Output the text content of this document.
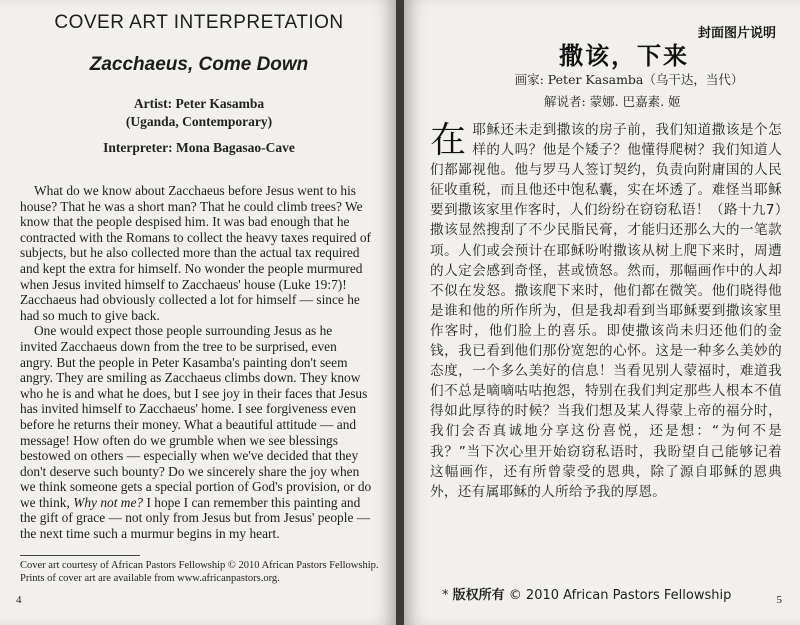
COVER ART INTERPRETATION
Zacchaeus, Come Down
Artist: Peter Kasamba
(Uganda, Contemporary)
Interpreter: Mona Bagasao-Cave

What do we know about Zacchaeus before Jesus went to his house? That he was a short man? That he could climb trees? We know that the people despised him. It was bad enough that he contracted with the Romans to collect the heavy taxes required of subjects, but he also collected more than the actual tax required and kept the extra for himself. No wonder the people murmured when Jesus invited himself to Zacchaeus' house (Luke 19:7)! Zacchaeus had obviously collected a lot for himself — since he had so much to give back.

One would expect those people surrounding Jesus as he invited Zacchaeus down from the tree to be surprised, even angry. But the people in Peter Kasamba's painting don't seem angry. They are smiling as Zacchaeus climbs down. They know who he is and what he does, but I see joy in their faces that Jesus has invited himself to Zacchaeus' home. I see forgiveness even before he returns their money. What a beautiful attitude — and message! How often do we grumble when we see blessings bestowed on others — especially when we've decided that they don't deserve such bounty? Do we sincerely share the joy when we think someone gets a special portion of God's provision, or do we think, Why not me? I hope I can remember this painting and the gift of grace — not only from Jesus but from Jesus' people — the next time such a murmur begins in my heart.

Cover art courtesy of African Pastors Fellowship © 2010 African Pastors Fellowship. Prints of cover art are available from www.africanpastors.org.
4
封面图片说明
撒该，下来
画家: Peter Kasamba（乌干达，当代）
解说者: 蒙娜. 巴嘉素. 姬
在耶稣还未走到撒该的房子前，我们知道撒该是个怎样的人吗？他是个矮子？他懂得爬树？我们知道人们都鄙视他。他与罗马人签订契约，负责向附庸国的人民征收重税，而且他还中饱私囊，实在坏透了。难怪当耶稣要到撒该家里作客时，人们纷纷在窃窃私语！（路十九7）撒该显然搜刮了不少民脂民膏，才能归还那么大的一笔款项。人们或会预计在耶稣吩咐撒该从树上爬下来时，周遭的人定会感到奇怪，甚或愤怒。然而，那幅画作中的人却不似在发怒。撒该爬下来时，他们都在微笑。他们晓得他是谁和他的所作所为，但是我却看到当耶稣要到撒该家里作客时，他们脸上的喜乐。即使撒该尚未归还他们的金钱，我已看到他们那份宽恕的心怀。这是一种多么美妙的态度，一个多么美好的信息！当看见别人蒙福时，难道我们不总是嘀嘀咕咕抱怨，特别在我们判定那些人根本不值得如此厚待的时候？当我们想及某人得蒙上帝的福分时，我们会否真诚地分享这份喜悦，还是想：“为何不是我？”当下次心里开始窃窃私语时，我盼望自己能够记着这幅画作，还有所曾蒙受的恩典，除了源自耶稣的恩典外，还有属耶稣的人所给予我的厚恩。
* 版权所有 © 2010 African Pastors Fellowship	5
